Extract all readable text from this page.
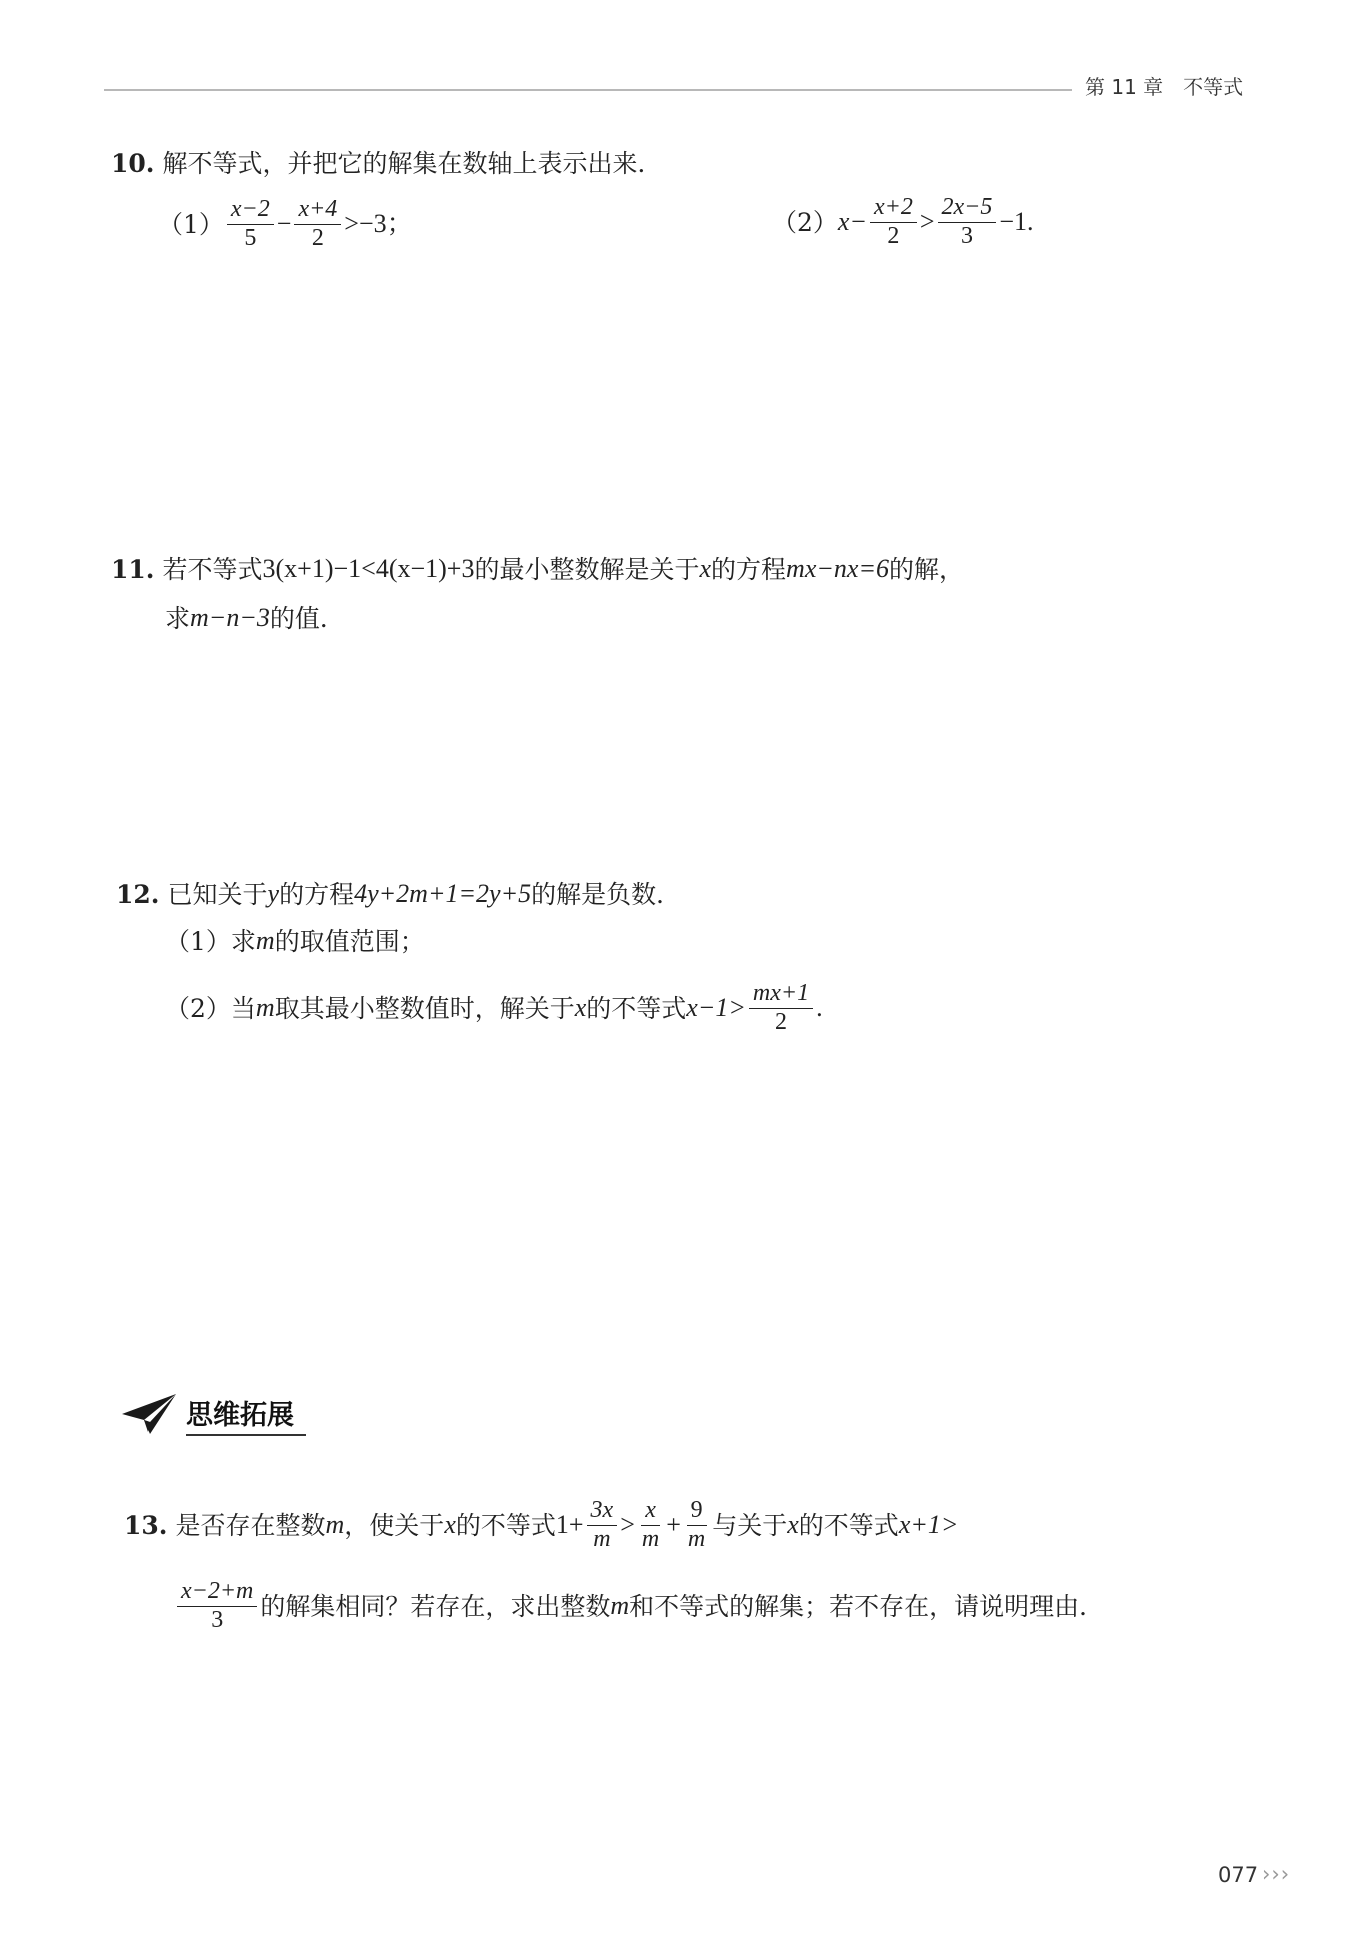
第 11 章　不等式
10. 解不等式，并把它的解集在数轴上表示出来．
$(1) \frac{x-2}{5} - \frac{x+4}{2} >-3$；	（2） $x- \frac{x+2}{2} > \frac{2x-5}{3} -1$.
11. 若不等式 3(x+1)−1<4(x−1)+3 的最小整数解是关于 x 的方程 mx−nx=6 的解，
求 m−n−3 的值．
12. 已知关于 y 的方程 4y+2m+1=2y+5 的解是负数．
（1） 求 m 的取值范围；
（2） 当 m 取其最小整数值时，解关于 x 的不等式 $x-1> \frac{mx+1}{2}$ .
思维拓展
13. 是否存在整数 m ，使关于 x 的不等式 $1+ \frac{3x}{m} > \frac{x}{m} + \frac{9}{m}$ 与关于 x 的不等式 x+1>
$\frac{x-2+m}{3}$ 的解集相同？若存在，求出整数 m 和不等式的解集；若不存在，请说明理由．
077 ›››
